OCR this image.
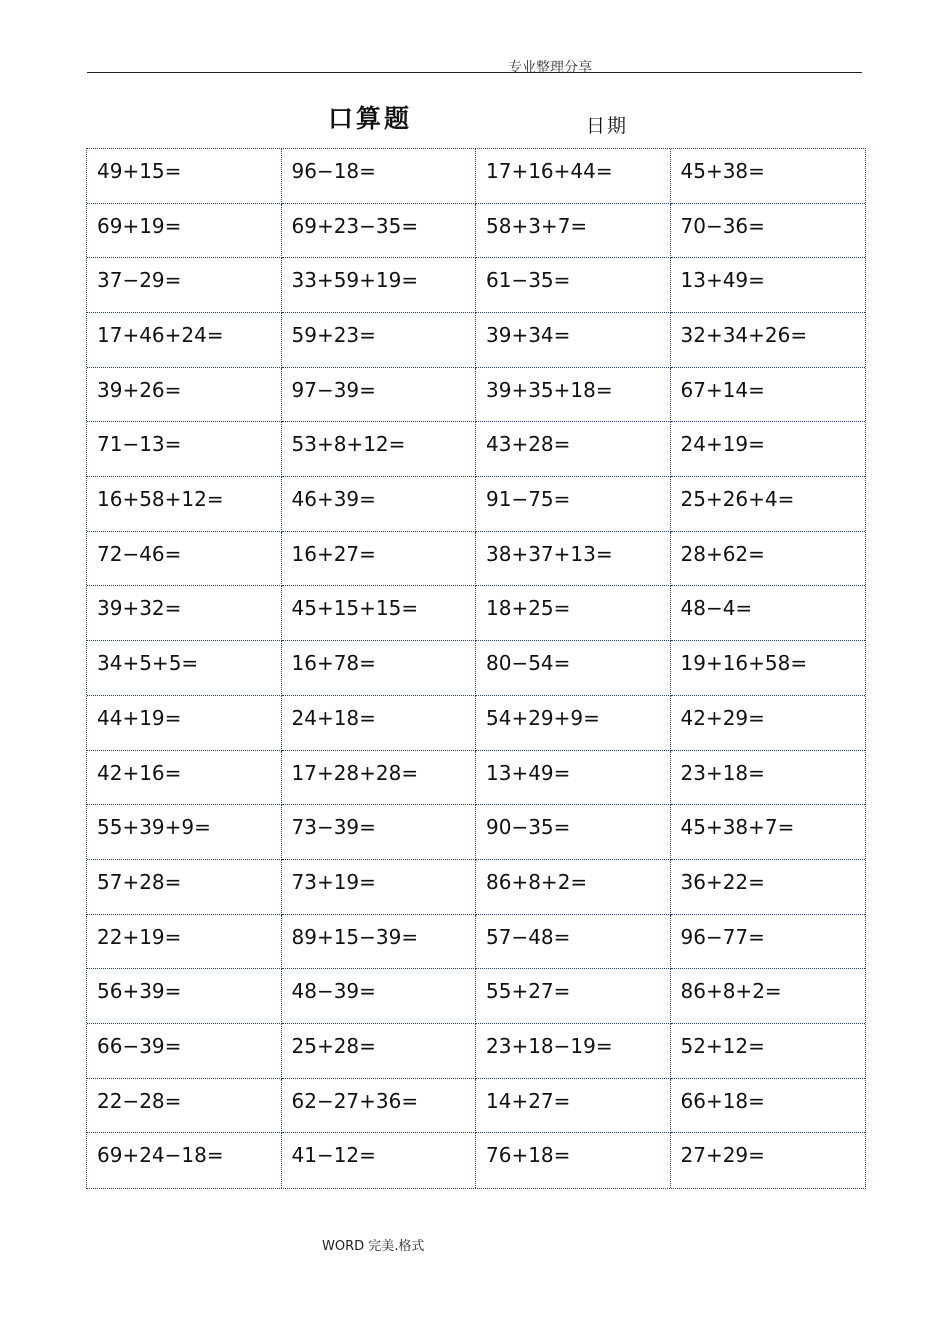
专业整理分享
口算题	日期
49+15=	96−18=	17+16+44=	45+38=
69+19=	69+23−35=	58+3+7=	70−36=
37−29=	33+59+19=	61−35=	13+49=
17+46+24=	59+23=	39+34=	32+34+26=
39+26=	97−39=	39+35+18=	67+14=
71−13=	53+8+12=	43+28=	24+19=
16+58+12=	46+39=	91−75=	25+26+4=
72−46=	16+27=	38+37+13=	28+62=
39+32=	45+15+15=	18+25=	48−4=
34+5+5=	16+78=	80−54=	19+16+58=
44+19=	24+18=	54+29+9=	42+29=
42+16=	17+28+28=	13+49=	23+18=
55+39+9=	73−39=	90−35=	45+38+7=
57+28=	73+19=	86+8+2=	36+22=
22+19=	89+15−39=	57−48=	96−77=
56+39=	48−39=	55+27=	86+8+2=
66−39=	25+28=	23+18−19=	52+12=
22−28=	62−27+36=	14+27=	66+18=
69+24−18=	41−12=	76+18=	27+29=
WORD 完美.格式
